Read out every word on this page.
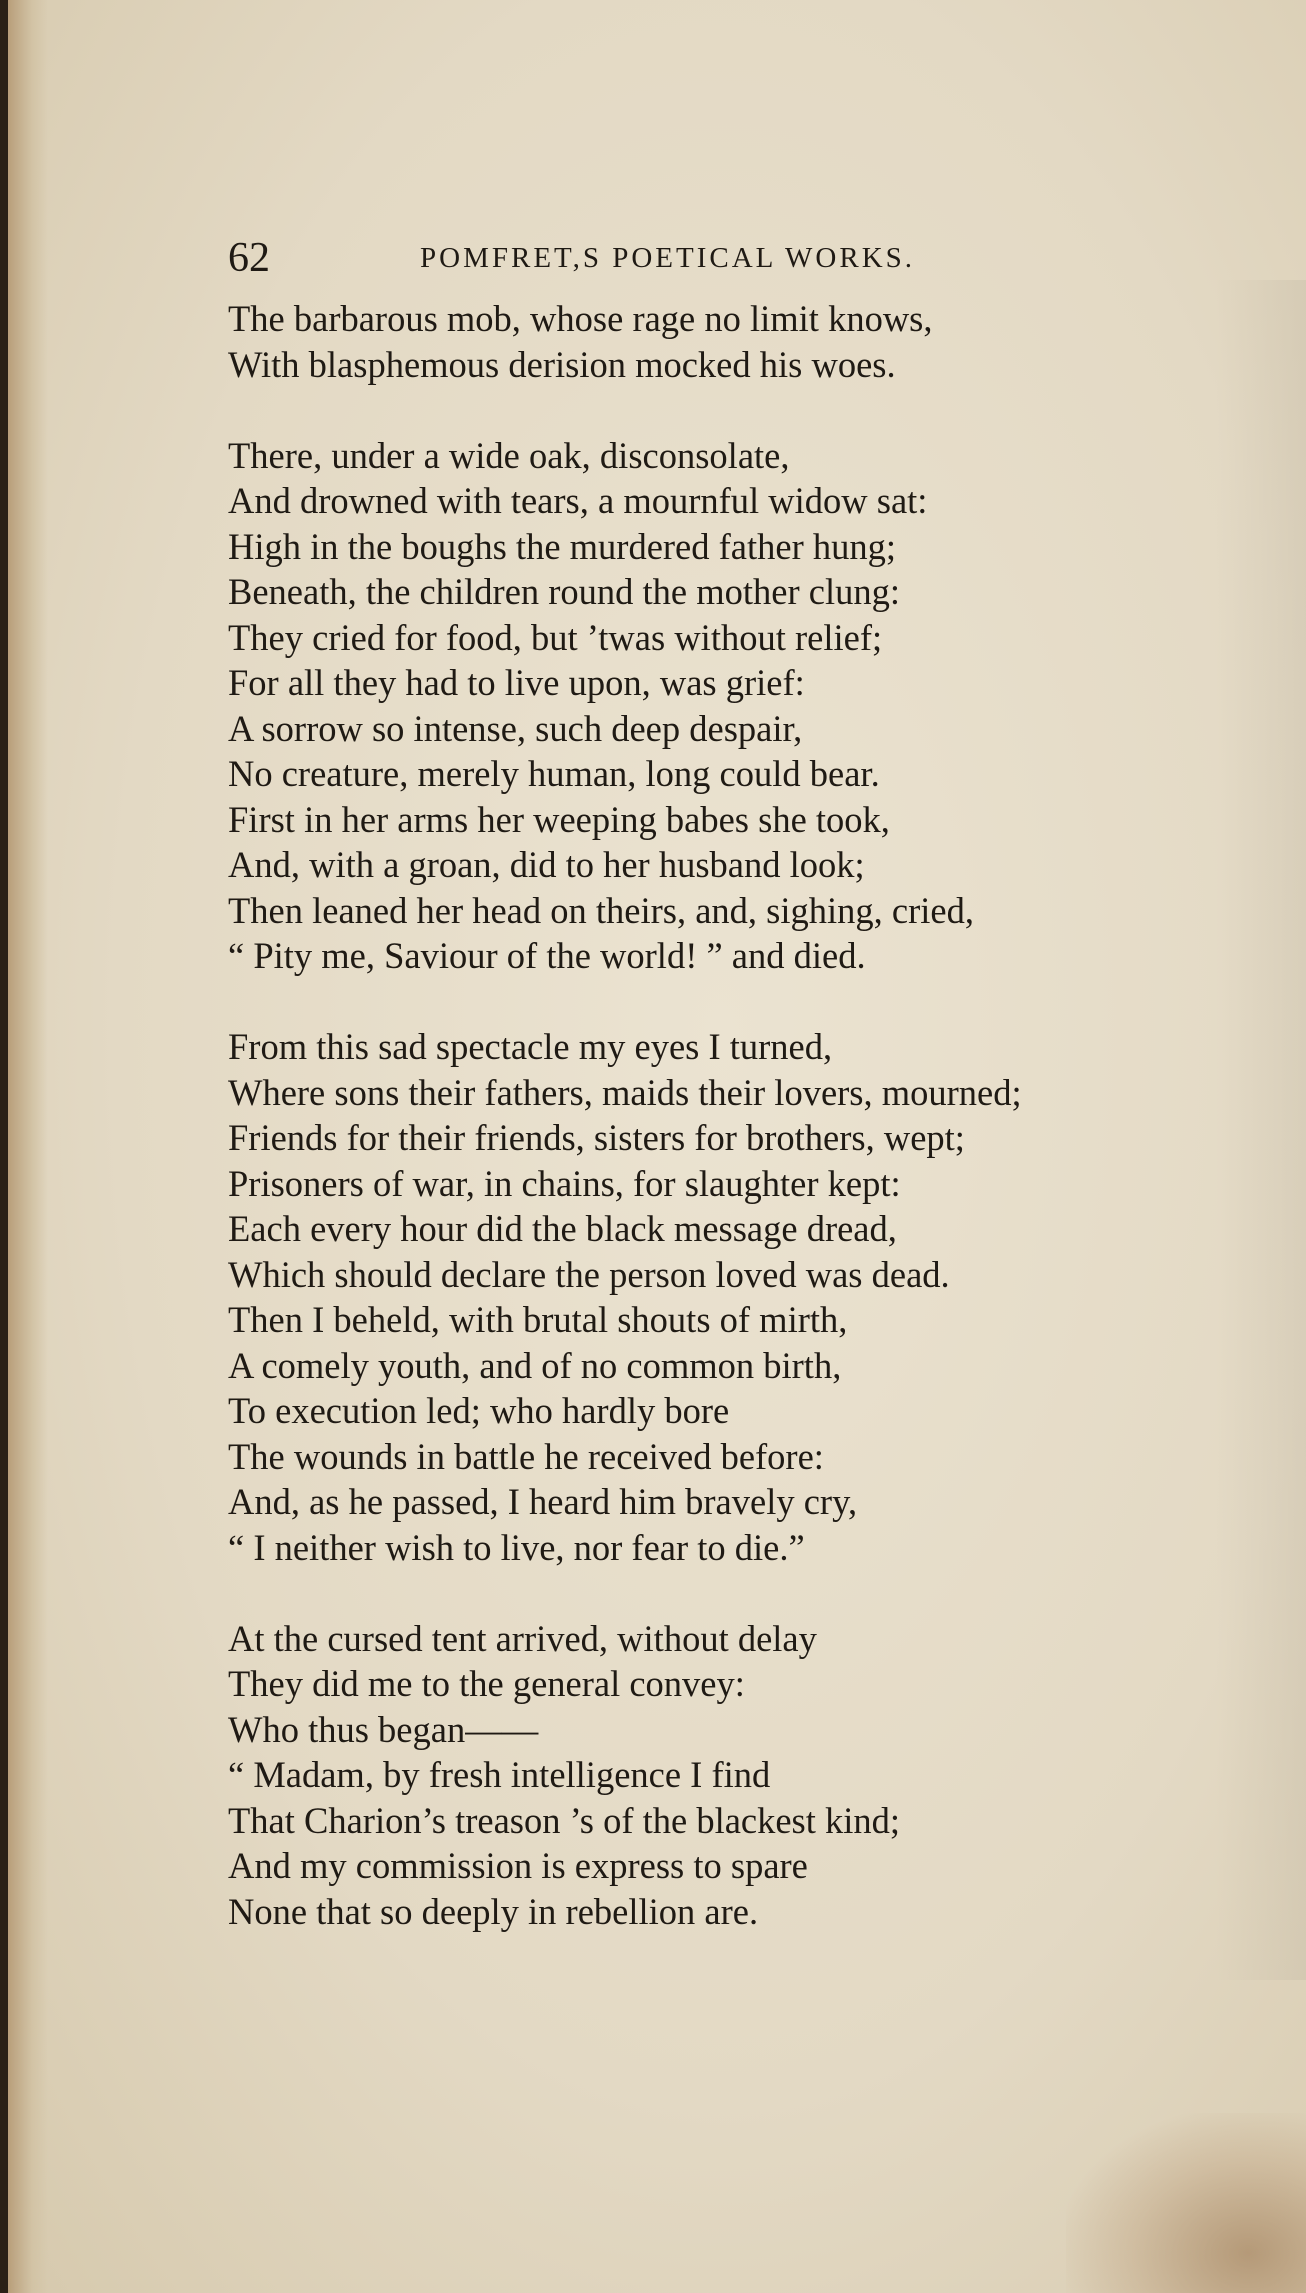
62	POMFRET,S POETICAL WORKS.
The barbarous mob, whose rage no limit knows,
With blasphemous derision mocked his woes.
There, under a wide oak, disconsolate,
And drowned with tears, a mournful widow sat:
High in the boughs the murdered father hung;
Beneath, the children round the mother clung:
They cried for food, but ’twas without relief;
For all they had to live upon, was grief:
A sorrow so intense, such deep despair,
No creature, merely human, long could bear.
First in her arms her weeping babes she took,
And, with a groan, did to her husband look;
Then leaned her head on theirs, and, sighing, cried,
“ Pity me, Saviour of the world! ” and died.
From this sad spectacle my eyes I turned,
Where sons their fathers, maids their lovers, mourned;
Friends for their friends, sisters for brothers, wept;
Prisoners of war, in chains, for slaughter kept:
Each every hour did the black message dread,
Which should declare the person loved was dead.
Then I beheld, with brutal shouts of mirth,
A comely youth, and of no common birth,
To execution led; who hardly bore
The wounds in battle he received before:
And, as he passed, I heard him bravely cry,
“ I neither wish to live, nor fear to die.”
At the cursed tent arrived, without delay
They did me to the general convey:
Who thus began——
“ Madam, by fresh intelligence I find
That Charion’s treason ’s of the blackest kind;
And my commission is express to spare
None that so deeply in rebellion are.
